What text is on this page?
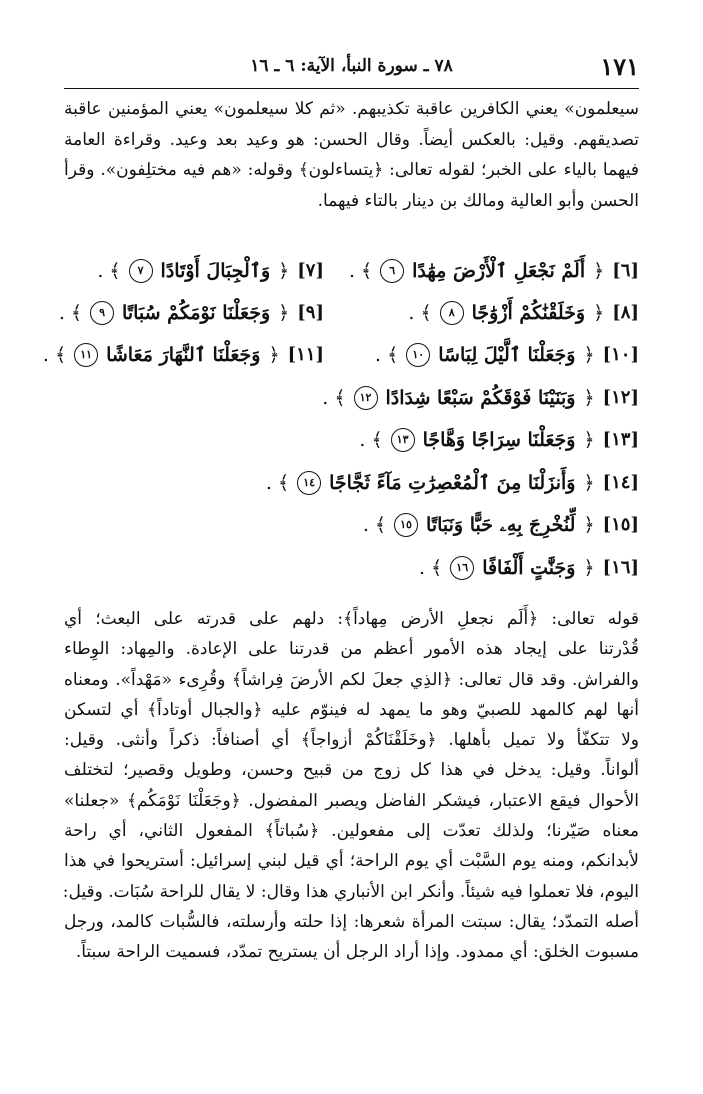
١٧١
٧٨ ـ سورة النبأ، الآية: ٦ ـ ١٦
سيعلمون» يعني الكافرين عاقبة تكذيبهم. «ثم كلا سيعلمون» يعني المؤمنين عاقبة
تصديقهم. وقيل: بالعكس أيضاً. وقال الحسن: هو وعيد بعد وعيد. وقراءة العامة
فيهما بالياء على الخبر؛ لقوله تعالى: ﴿يتساءلون﴾ وقوله: «هم فيه مختلِفون». وقرأ
الحسن وأبو العالية ومالك بن دينار بالتاء فيهما.
[٦]
﴿
أَلَمْ نَجْعَلِ ٱلْأَرْضَ مِهَٰدًا
٦
﴾ .
[٧]
﴿
وَٱلْجِبَالَ أَوْتَادًا
٧
﴾ .
[٨]
﴿
وَخَلَقْنَٰكُمْ أَزْوَٰجًا
٨
﴾ .
[٩]
﴿
وَجَعَلْنَا نَوْمَكُمْ سُبَاتًا
٩
﴾ .
[١٠]
﴿
وَجَعَلْنَا ٱلَّيْلَ لِبَاسًا
١٠
﴾ .
[١١]
﴿
وَجَعَلْنَا ٱلنَّهَارَ مَعَاشًا
١١
﴾ .
[١٢]
﴿
وَبَنَيْنَا فَوْقَكُمْ سَبْعًا شِدَادًا
١٢
﴾ .
[١٣]
﴿
وَجَعَلْنَا سِرَاجًا وَهَّاجًا
١٣
﴾ .
[١٤]
﴿
وَأَنزَلْنَا مِنَ ٱلْمُعْصِرَٰتِ مَآءً ثَجَّاجًا
١٤
﴾ .
[١٥]
﴿
لِّنُخْرِجَ بِهِۦ حَبًّا وَنَبَاتًا
١٥
﴾ .
[١٦]
﴿
وَجَنَّٰتٍ أَلْفَافًا
١٦
﴾ .
قوله تعالى: ﴿أَلَم نجعلِ الأرض مِهاداً﴾: دلهم على قدرته على البعث؛ أي
قُدْرتنا على إيجاد هذه الأمور أعظم من قدرتنا على الإعادة. والمِهاد: الوِطاء
والفراش. وقد قال تعالى: ﴿الذِي جعلَ لكم الأرضَ فِراشاً﴾ وقُرِىء «مَهْداً». ومعناه
أنها لهم كالمهد للصبيّ وهو ما يمهد له فينوّم عليه ﴿والجبال أوتاداً﴾ أي لتسكن
ولا تتكفّأ ولا تميل بأهلها. ﴿وخَلَقْنَاكُمْ أزواجاً﴾ أي أصنافاً: ذكراً وأنثى. وقيل:
ألواناً. وقيل: يدخل في هذا كل زوج من قبيح وحسن، وطويل وقصير؛ لتختلف
الأحوال فيقع الاعتبار، فيشكر الفاضل ويصبر المفضول. ﴿وجَعَلْنَا نَوْمَكُم﴾ «جعلنا»
معناه صَيّرنا؛ ولذلك تعدّت إلى مفعولين. ﴿سُباتاً﴾ المفعول الثاني، أي راحة
لأبدانكم، ومنه يوم السَّبْت أي يوم الراحة؛ أي قيل لبني إسرائيل: أستريحوا في هذا
اليوم، فلا تعملوا فيه شيئاً. وأنكر ابن الأنباري هذا وقال: لا يقال للراحة سُبَات. وقيل:
أصله التمدّد؛ يقال: سبتت المرأة شعرها: إذا حلته وأرسلته، فالسُّبات كالمد، ورجل
مسبوت الخلق: أي ممدود. وإذا أراد الرجل أن يستريح تمدّد، فسميت الراحة سبتاً.
